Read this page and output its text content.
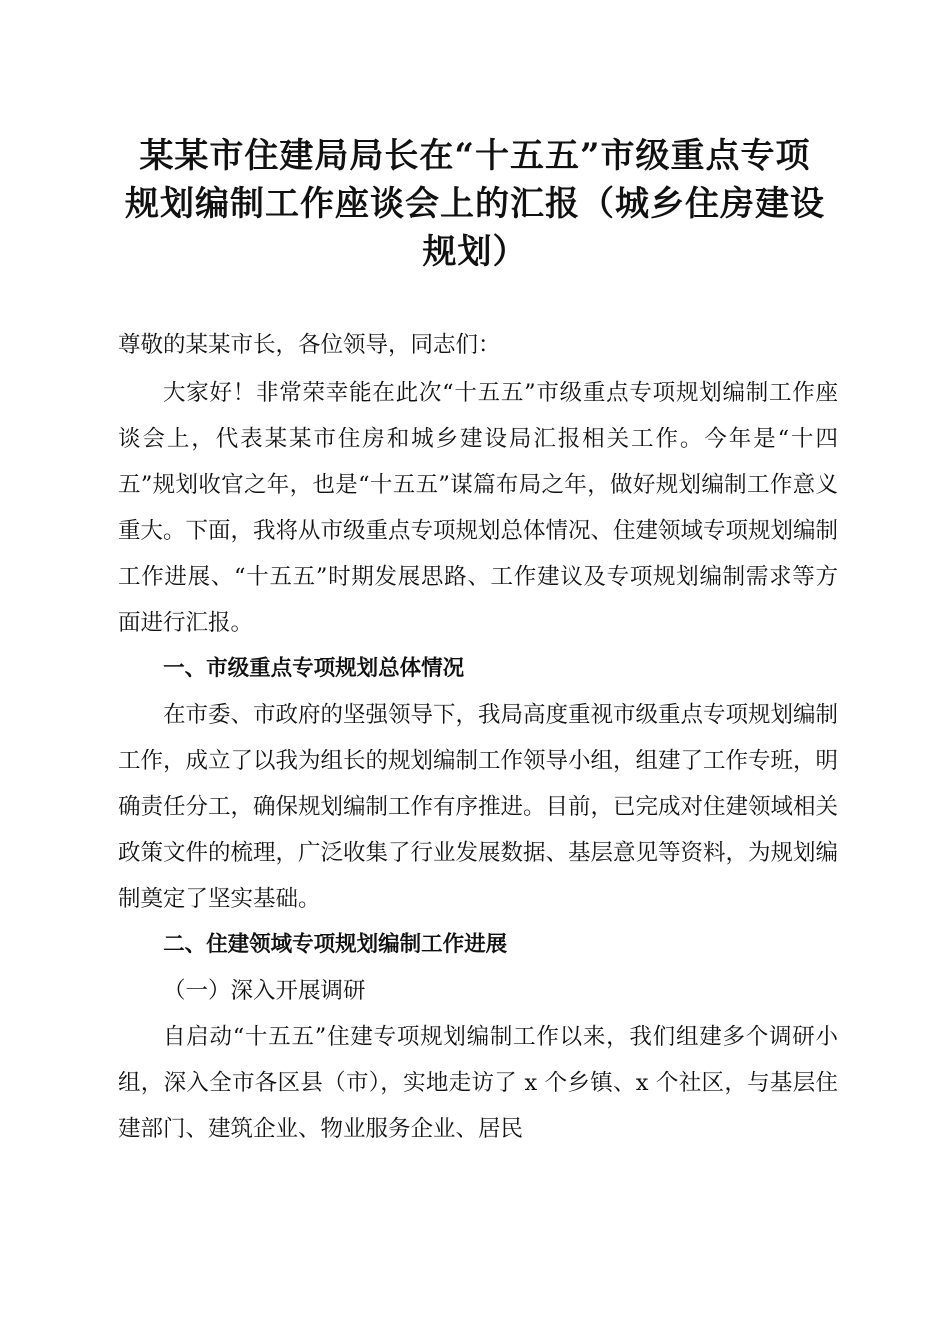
某某市住建局局长在“十五五”市级重点专项
规划编制工作座谈会上的汇报（城乡住房建设
规划）

尊敬的某某市长，各位领导，同志们：

大家好！非常荣幸能在此次“十五五”市级重点专项规划编制工作座谈会上，代表某某市住房和城乡建设局汇报相关工作。今年是“十四五”规划收官之年，也是“十五五”谋篇布局之年，做好规划编制工作意义重大。下面，我将从市级重点专项规划总体情况、住建领域专项规划编制工作进展、“十五五”时期发展思路、工作建议及专项规划编制需求等方面进行汇报。

一、市级重点专项规划总体情况

在市委、市政府的坚强领导下，我局高度重视市级重点专项规划编制工作，成立了以我为组长的规划编制工作领导小组，组建了工作专班，明确责任分工，确保规划编制工作有序推进。目前，已完成对住建领域相关政策文件的梳理，广泛收集了行业发展数据、基层意见等资料，为规划编制奠定了坚实基础。

二、住建领域专项规划编制工作进展

（一）深入开展调研

自启动“十五五”住建专项规划编制工作以来，我们组建多个调研小组，深入全市各区县（市），实地走访了 x 个乡镇、x 个社区，与基层住建部门、建筑企业、物业服务企业、居民
